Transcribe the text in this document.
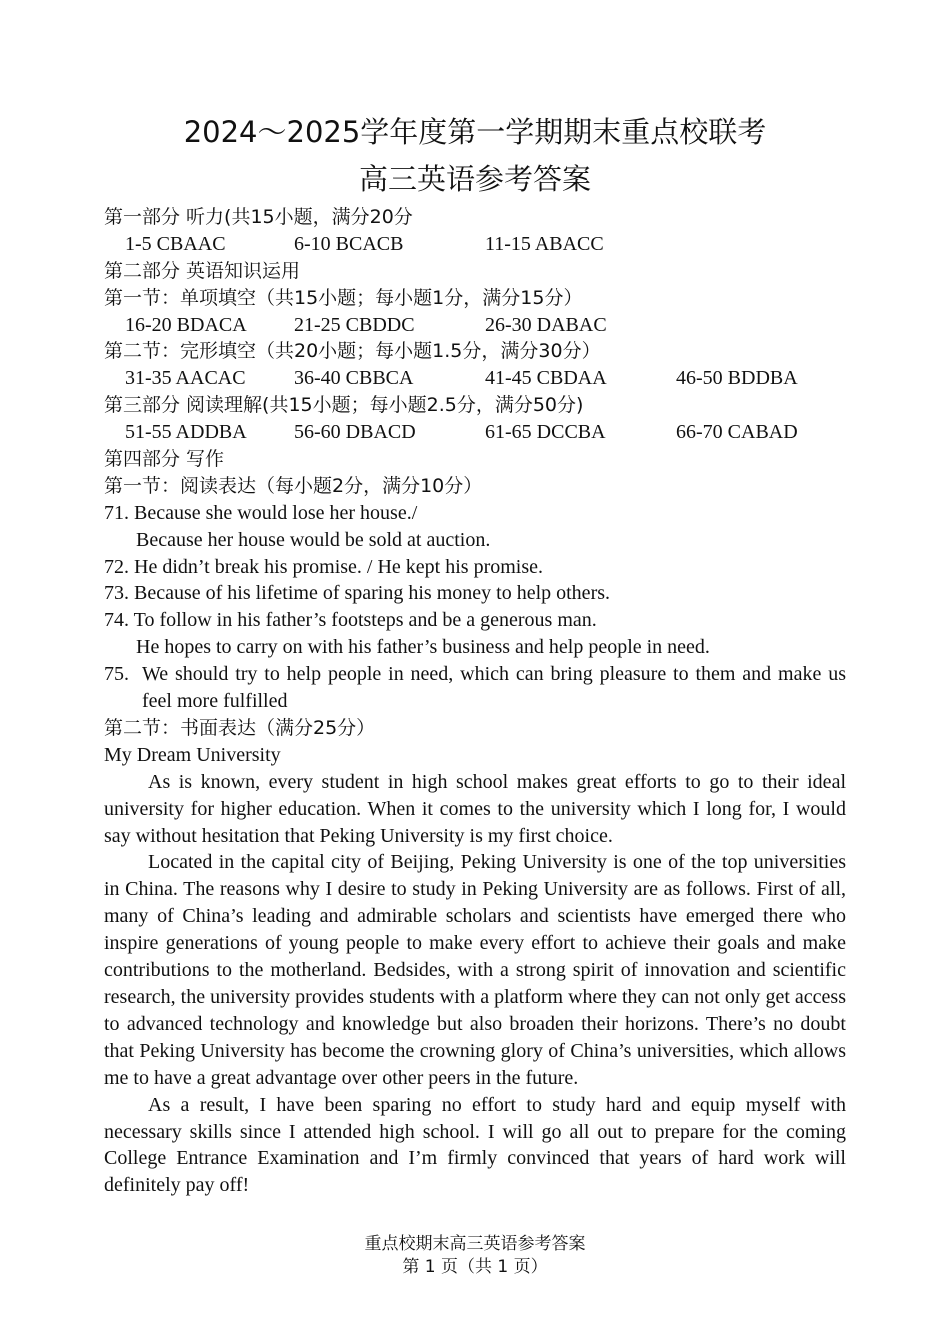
2024～2025学年度第一学期期末重点校联考
高三英语参考答案
第一部分 听力(共15小题，满分20分
1-5 CBAAC	6-10 BCACB	11-15 ABACC
第二部分 英语知识运用
第一节：单项填空（共15小题；每小题1分，满分15分）
16-20 BDACA	21-25 CBDDC	26-30 DABAC
第二节：完形填空（共20小题；每小题1.5分，满分30分）
31-35 AACAC	36-40 CBBCA	41-45 CBDAA	46-50 BDDBA
第三部分 阅读理解(共15小题；每小题2.5分，满分50分)
51-55 ADDBA	56-60 DBACD	61-65 DCCBA	66-70 CABAD
第四部分 写作
第一节：阅读表达（每小题2分，满分10分）
71. Because she would lose her house./
Because her house would be sold at auction.
72. He didn’t break his promise. / He kept his promise.
73. Because of his lifetime of sparing his money to help others.
74. To follow in his father’s footsteps and be a generous man.
He hopes to carry on with his father’s business and help people in need.
75. We should try to help people in need, which can bring pleasure to them and make us feel more fulfilled
第二节：书面表达（满分25分）
My Dream University
As is known, every student in high school makes great efforts to go to their ideal university for higher education. When it comes to the university which I long for, I would say without hesitation that Peking University is my first choice.
Located in the capital city of Beijing, Peking University is one of the top universities in China. The reasons why I desire to study in Peking University are as follows. First of all, many of China’s leading and admirable scholars and scientists have emerged there who inspire generations of young people to make every effort to achieve their goals and make contributions to the motherland. Bedsides, with a strong spirit of innovation and scientific research, the university provides students with a platform where they can not only get access to advanced technology and knowledge but also broaden their horizons. There’s no doubt that Peking University has become the crowning glory of China’s universities, which allows me to have a great advantage over other peers in the future.
As a result, I have been sparing no effort to study hard and equip myself with necessary skills since I attended high school. I will go all out to prepare for the coming College Entrance Examination and I’m firmly convinced that years of hard work will definitely pay off!
重点校期末高三英语参考答案
第 1 页（共 1 页）
